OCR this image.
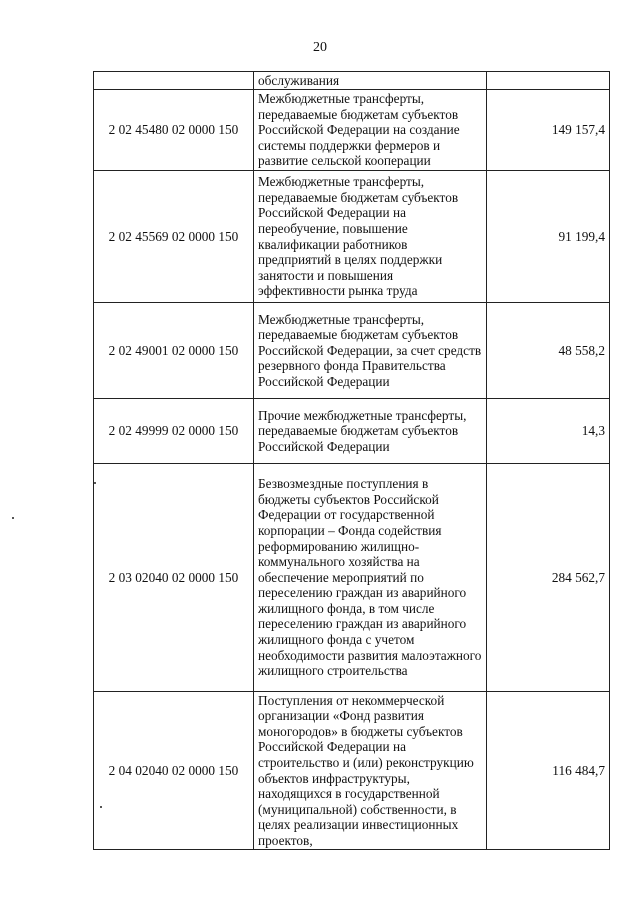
20
	обслуживания	
2 02 45480 02 0000 150	Межбюджетные трансферты, передаваемые бюджетам субъектов Российской Федерации на создание системы поддержки фермеров и развитие сельской кооперации	149 157,4
2 02 45569 02 0000 150	Межбюджетные трансферты, передаваемые бюджетам субъектов Российской Федерации на переобучение, повышение квалификации работников предприятий в целях поддержки занятости и повышения эффективности рынка труда	91 199,4
2 02 49001 02 0000 150	Межбюджетные трансферты, передаваемые бюджетам субъектов Российской Федерации, за счет средств резервного фонда Правительства Российской Федерации	48 558,2
2 02 49999 02 0000 150	Прочие межбюджетные трансферты, передаваемые бюджетам субъектов Российской Федерации	14,3
2 03 02040 02 0000 150	Безвозмездные поступления в бюджеты субъектов Российской Федерации от государственной корпорации – Фонда содействия реформированию жилищно-коммунального хозяйства на обеспечение мероприятий по переселению граждан из аварийного жилищного фонда, в том числе переселению граждан из аварийного жилищного фонда с учетом необходимости развития малоэтажного жилищного строительства	284 562,7
2 04 02040 02 0000 150	Поступления от некоммерческой организации «Фонд развития моногородов» в бюджеты субъектов Российской Федерации на строительство и (или) реконструкцию объектов инфраструктуры, находящихся в государственной (муниципальной) собственности, в целях реализации инвестиционных проектов,	116 484,7
